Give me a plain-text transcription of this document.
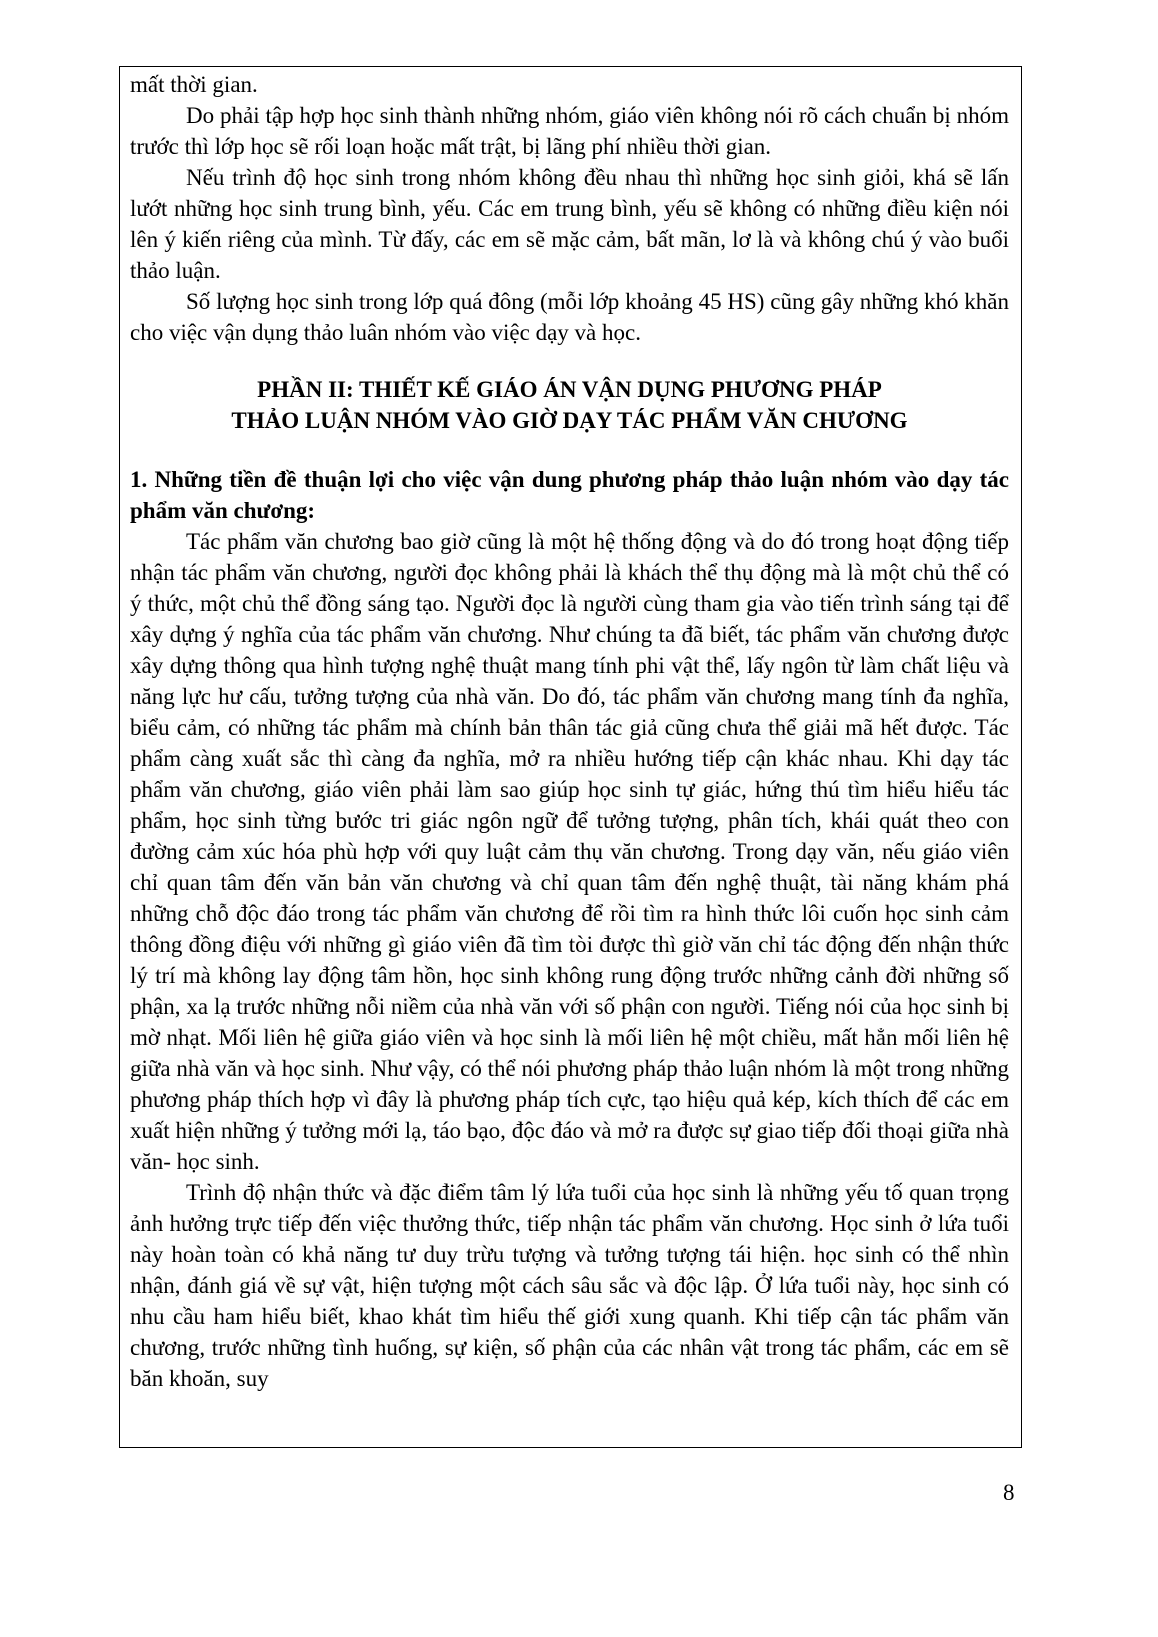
mất thời gian.

Do phải tập hợp học sinh thành những nhóm, giáo viên không nói rõ cách chuẩn bị nhóm trước thì lớp học sẽ rối loạn hoặc mất trật, bị lãng phí nhiều thời gian.

Nếu trình độ học sinh trong nhóm không đều nhau thì những học sinh giỏi, khá sẽ lấn lướt những học sinh trung bình, yếu. Các em trung bình, yếu sẽ không có những điều kiện nói lên ý kiến riêng của mình. Từ đấy, các em sẽ mặc cảm, bất mãn, lơ là và không chú ý vào buổi thảo luận.

Số lượng học sinh trong lớp quá đông (mỗi lớp khoảng 45 HS) cũng gây những khó khăn cho việc vận dụng thảo luân nhóm vào việc dạy và học.

PHẦN II: THIẾT KẾ GIÁO ÁN VẬN DỤNG PHƯƠNG PHÁP
THẢO LUẬN NHÓM VÀO GIỜ DẠY TÁC PHẨM VĂN CHƯƠNG
1. Những tiền đề thuận lợi cho việc vận dung phương pháp thảo luận nhóm vào dạy tác phẩm văn chương:

Tác phẩm văn chương bao giờ cũng là một hệ thống động và do đó trong hoạt động tiếp nhận tác phẩm văn chương, người đọc không phải là khách thể thụ động mà là một chủ thể có ý thức, một chủ thể đồng sáng tạo. Người đọc là người cùng tham gia vào tiến trình sáng tại để xây dựng ý nghĩa của tác phẩm văn chương. Như chúng ta đã biết, tác phẩm văn chương được xây dựng thông qua hình tượng nghệ thuật mang tính phi vật thể, lấy ngôn từ làm chất liệu và năng lực hư cấu, tưởng tượng của nhà văn. Do đó, tác phẩm văn chương mang tính đa nghĩa, biểu cảm, có những tác phẩm mà chính bản thân tác giả cũng chưa thể giải mã hết được. Tác phẩm càng xuất sắc thì càng đa nghĩa, mở ra nhiều hướng tiếp cận khác nhau. Khi dạy tác phẩm văn chương, giáo viên phải làm sao giúp học sinh tự giác, hứng thú tìm hiểu hiểu tác phẩm, học sinh từng bước tri giác ngôn ngữ để tưởng tượng, phân tích, khái quát theo con đường cảm xúc hóa phù hợp với quy luật cảm thụ văn chương. Trong dạy văn, nếu giáo viên chỉ quan tâm đến văn bản văn chương và chỉ quan tâm đến nghệ thuật, tài năng khám phá những chỗ độc đáo trong tác phẩm văn chương để rồi tìm ra hình thức lôi cuốn học sinh cảm thông đồng điệu với những gì giáo viên đã tìm tòi được thì giờ văn chỉ tác động đến nhận thức lý trí mà không lay động tâm hồn, học sinh không rung động trước những cảnh đời những số phận, xa lạ trước những nỗi niềm của nhà văn với số phận con người. Tiếng nói của học sinh bị mờ nhạt. Mối liên hệ giữa giáo viên và học sinh là mối liên hệ một chiều, mất hẳn mối liên hệ giữa nhà văn và học sinh. Như vậy, có thể nói phương pháp thảo luận nhóm là một trong những phương pháp thích hợp vì đây là phương pháp tích cực, tạo hiệu quả kép, kích thích để các em xuất hiện những ý tưởng mới lạ, táo bạo, độc đáo và mở ra được sự giao tiếp đối thoại giữa nhà văn- học sinh.

Trình độ nhận thức và đặc điểm tâm lý lứa tuổi của học sinh là những yếu tố quan trọng ảnh hưởng trực tiếp đến việc thưởng thức, tiếp nhận tác phẩm văn chương. Học sinh ở lứa tuổi này hoàn toàn có khả năng tư duy trừu tượng và tưởng tượng tái hiện. học sinh có thể nhìn nhận, đánh giá về sự vật, hiện tượng một cách sâu sắc và độc lập. Ở lứa tuổi này, học sinh có nhu cầu ham hiểu biết, khao khát tìm hiểu thế giới xung quanh. Khi tiếp cận tác phẩm văn chương, trước những tình huống, sự kiện, số phận của các nhân vật trong tác phẩm, các em sẽ băn khoăn, suy

8
